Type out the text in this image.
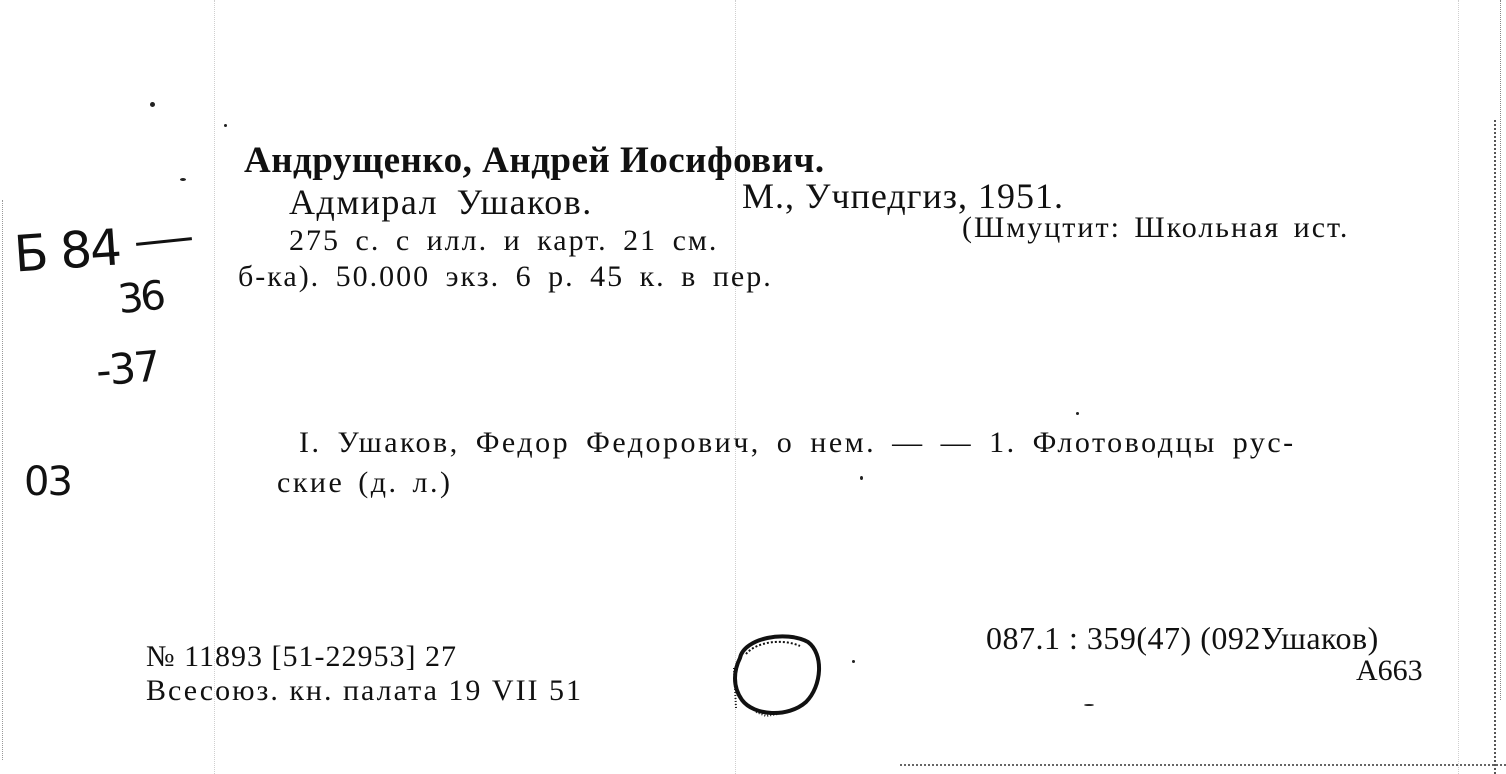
Андрущенко, Андрей Иосифович.
Адмирал Ушаков.	М., Учпедгиз, 1951.
275 с. с илл. и карт. 21 см.	(Шмуцтит: Школьная ист.
б-ка). 50.000 экз. 6 р. 45 к. в пер.
I. Ушаков, Федор Федорович, о нем. — — 1. Флотоводцы рус-
ские (д. л.)
№ 11893 [51-22953] 27
Всесоюз. кн. палата 19 VII 51
087.1 : 359(47) (092Ушаков)
А663
Б 84
36
-37
03
